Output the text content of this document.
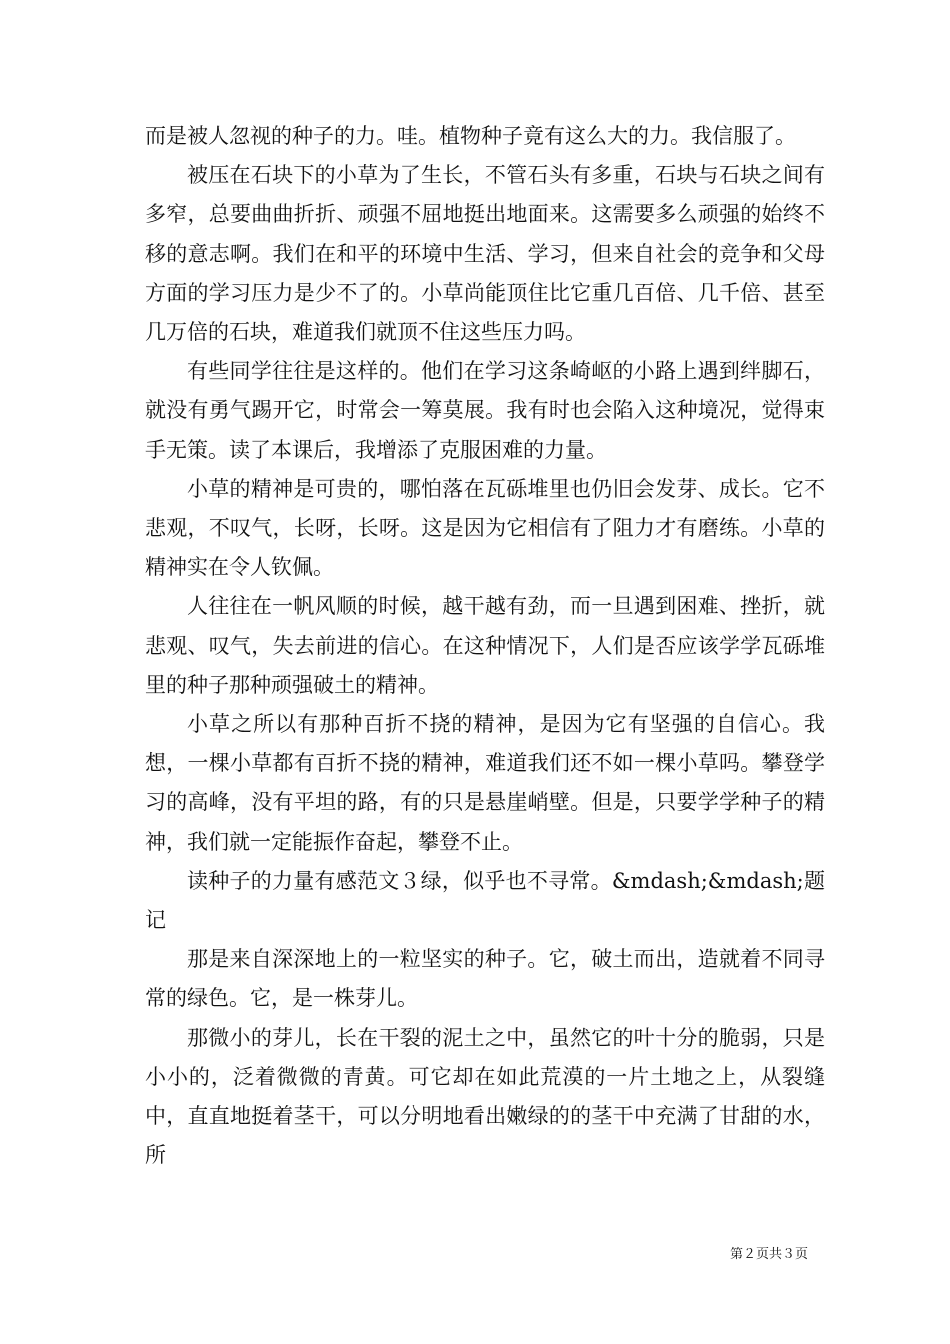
而是被人忽视的种子的力。哇。植物种子竟有这么大的力。我信服了。

被压在石块下的小草为了生长，不管石头有多重，石块与石块之间有多窄，总要曲曲折折、顽强不屈地挺出地面来。这需要多么顽强的始终不移的意志啊。我们在和平的环境中生活、学习，但来自社会的竞争和父母方面的学习压力是少不了的。小草尚能顶住比它重几百倍、几千倍、甚至几万倍的石块，难道我们就顶不住这些压力吗。

有些同学往往是这样的。他们在学习这条崎岖的小路上遇到绊脚石，就没有勇气踢开它，时常会一筹莫展。我有时也会陷入这种境况，觉得束手无策。读了本课后，我增添了克服困难的力量。

小草的精神是可贵的，哪怕落在瓦砾堆里也仍旧会发芽、成长。它不悲观，不叹气，长呀，长呀。这是因为它相信有了阻力才有磨练。小草的精神实在令人钦佩。

人往往在一帆风顺的时候，越干越有劲，而一旦遇到困难、挫折，就悲观、叹气，失去前进的信心。在这种情况下，人们是否应该学学瓦砾堆里的种子那种顽强破土的精神。

小草之所以有那种百折不挠的精神，是因为它有坚强的自信心。我想，一棵小草都有百折不挠的精神，难道我们还不如一棵小草吗。攀登学习的高峰，没有平坦的路，有的只是悬崖峭壁。但是，只要学学种子的精神，我们就一定能振作奋起，攀登不止。

读种子的力量有感范文３绿，似乎也不寻常。&mdash;&mdash;题记

那是来自深深地上的一粒坚实的种子。它，破土而出，造就着不同寻常的绿色。它，是一株芽儿。

那微小的芽儿，长在干裂的泥土之中，虽然它的叶十分的脆弱，只是小小的，泛着微微的青黄。可它却在如此荒漠的一片土地之上，从裂缝中，直直地挺着茎干，可以分明地看出嫩绿的的茎干中充满了甘甜的水，所

第２页共３页
